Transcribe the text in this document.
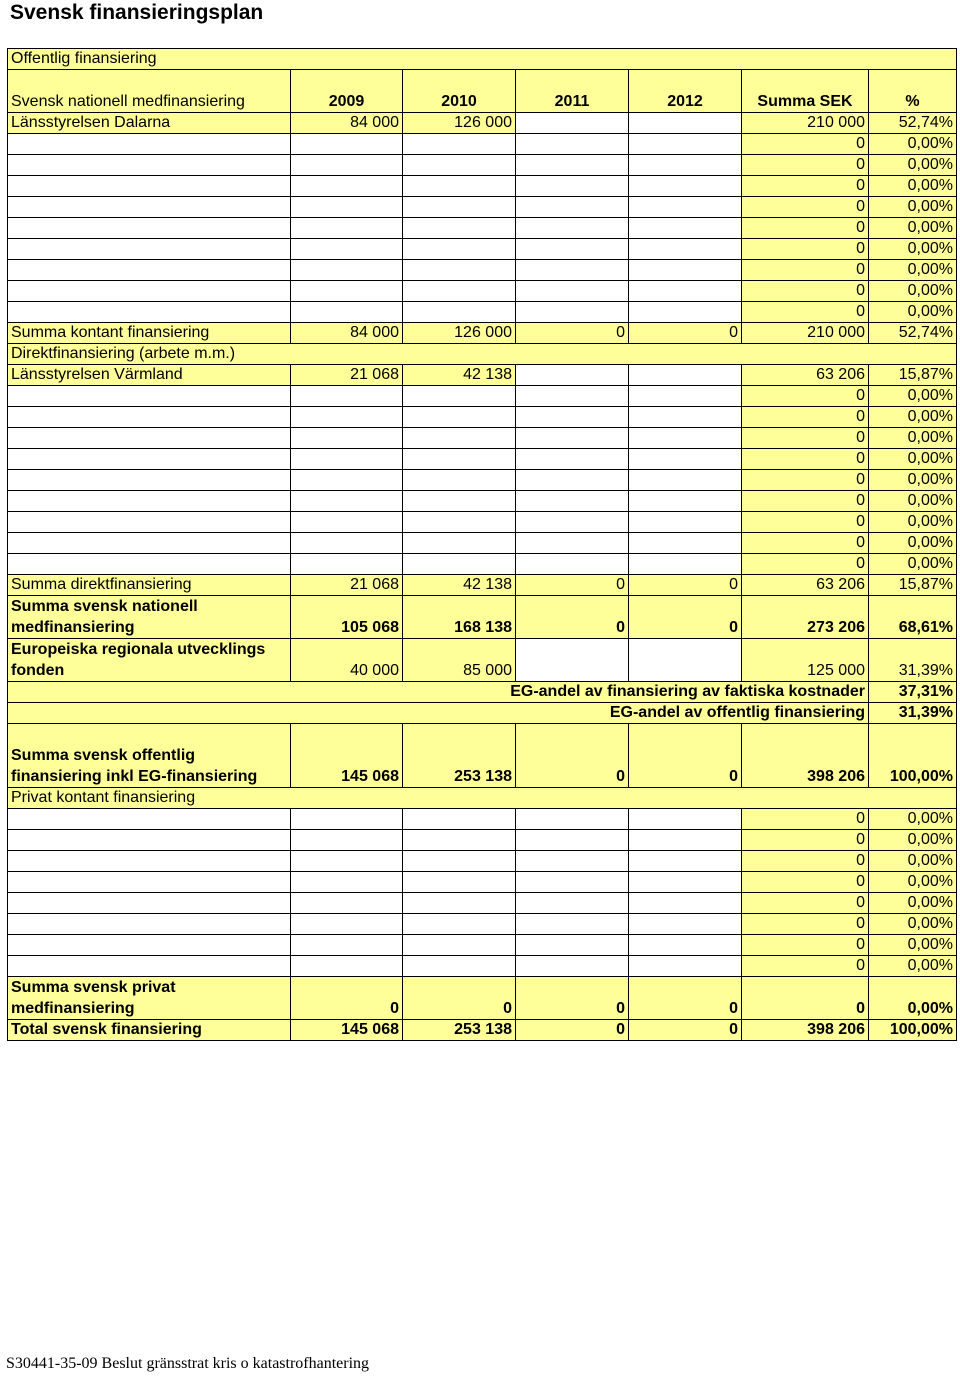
Svensk finansieringsplan
Offentlig finansiering						
Svensk nationell medfinansiering	2009	2010	2011	2012	Summa SEK	%
Länsstyrelsen Dalarna	84 000	126 000			210 000	52,74%
					0	0,00%
					0	0,00%
					0	0,00%
					0	0,00%
					0	0,00%
					0	0,00%
					0	0,00%
					0	0,00%
					0	0,00%
Summa kontant finansiering	84 000	126 000	0	0	210 000	52,74%
Direktfinansiering (arbete m.m.)						
Länsstyrelsen Värmland	21 068	42 138			63 206	15,87%
					0	0,00%
					0	0,00%
					0	0,00%
					0	0,00%
					0	0,00%
					0	0,00%
					0	0,00%
					0	0,00%
					0	0,00%
Summa direktfinansiering	21 068	42 138	0	0	63 206	15,87%
Summa svensk nationell medfinansiering	105 068	168 138	0	0	273 206	68,61%
Europeiska regionala utvecklings fonden	40 000	85 000			125 000	31,39%
EG-andel av finansiering av faktiska kostnader						37,31%
EG-andel av offentlig finansiering						31,39%
Summa svensk offentlig finansiering inkl EG-finansiering	145 068	253 138	0	0	398 206	100,00%
Privat kontant finansiering						
					0	0,00%
					0	0,00%
					0	0,00%
					0	0,00%
					0	0,00%
					0	0,00%
					0	0,00%
					0	0,00%
Summa svensk privat medfinansiering	0	0	0	0	0	0,00%
Total svensk finansiering	145 068	253 138	0	0	398 206	100,00%
S30441-35-09 Beslut gränsstrat kris o katastrofhantering
